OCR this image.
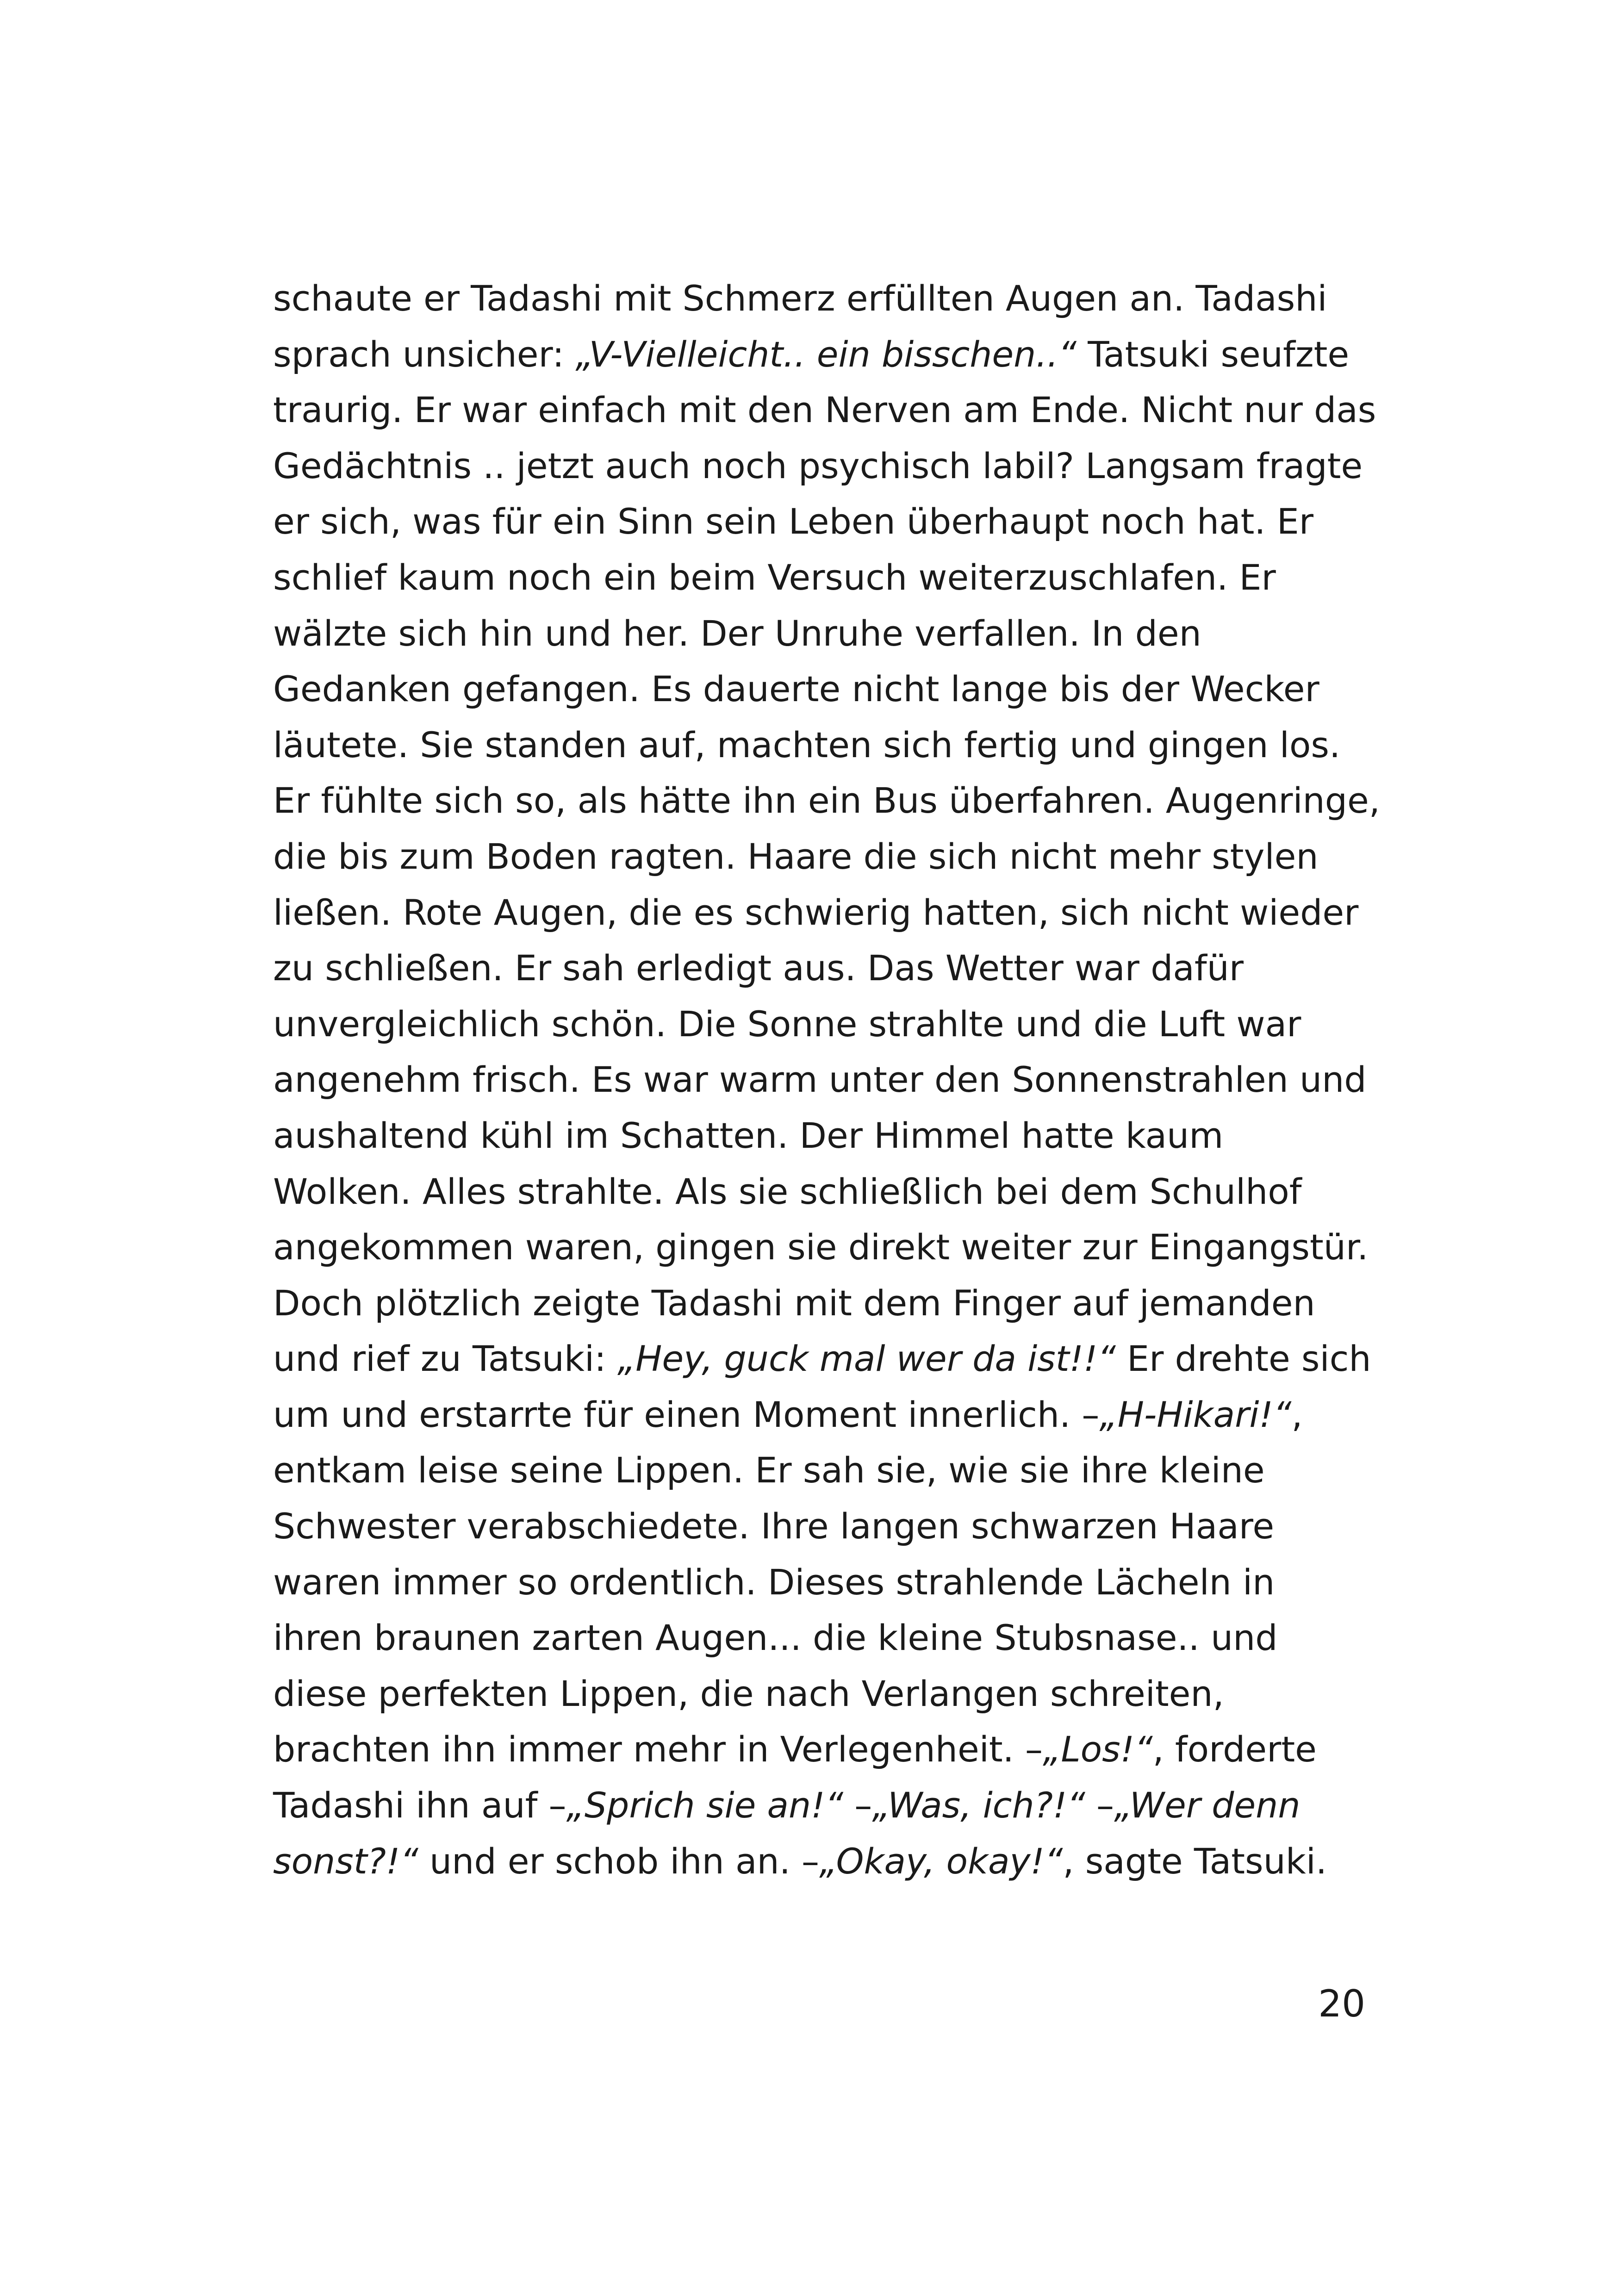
schaute er Tadashi mit Schmerz erfüllten Augen an. Tadashi
sprach unsicher: „V-Vielleicht.. ein bisschen..“ Tatsuki seufzte
traurig. Er war einfach mit den Nerven am Ende. Nicht nur das
Gedächtnis .. jetzt auch noch psychisch labil? Langsam fragte
er sich, was für ein Sinn sein Leben überhaupt noch hat. Er
schlief kaum noch ein beim Versuch weiterzuschlafen. Er
wälzte sich hin und her. Der Unruhe verfallen. In den
Gedanken gefangen. Es dauerte nicht lange bis der Wecker
läutete. Sie standen auf, machten sich fertig und gingen los.
Er fühlte sich so, als hätte ihn ein Bus überfahren. Augenringe,
die bis zum Boden ragten. Haare die sich nicht mehr stylen
ließen. Rote Augen, die es schwierig hatten, sich nicht wieder
zu schließen. Er sah erledigt aus. Das Wetter war dafür
unvergleichlich schön. Die Sonne strahlte und die Luft war
angenehm frisch. Es war warm unter den Sonnenstrahlen und
aushaltend kühl im Schatten. Der Himmel hatte kaum
Wolken. Alles strahlte. Als sie schließlich bei dem Schulhof
angekommen waren, gingen sie direkt weiter zur Eingangstür.
Doch plötzlich zeigte Tadashi mit dem Finger auf jemanden
und rief zu Tatsuki: „Hey, guck mal wer da ist!!“ Er drehte sich
um und erstarrte für einen Moment innerlich. –„H-Hikari!“,
entkam leise seine Lippen. Er sah sie, wie sie ihre kleine
Schwester verabschiedete. Ihre langen schwarzen Haare
waren immer so ordentlich. Dieses strahlende Lächeln in
ihren braunen zarten Augen... die kleine Stubsnase.. und
diese perfekten Lippen, die nach Verlangen schreiten,
brachten ihn immer mehr in Verlegenheit. –„Los!“, forderte
Tadashi ihn auf –„Sprich sie an!“ –„Was, ich?!“ –„Wer denn
sonst?!“ und er schob ihn an. –„Okay, okay!“, sagte Tatsuki.
20
